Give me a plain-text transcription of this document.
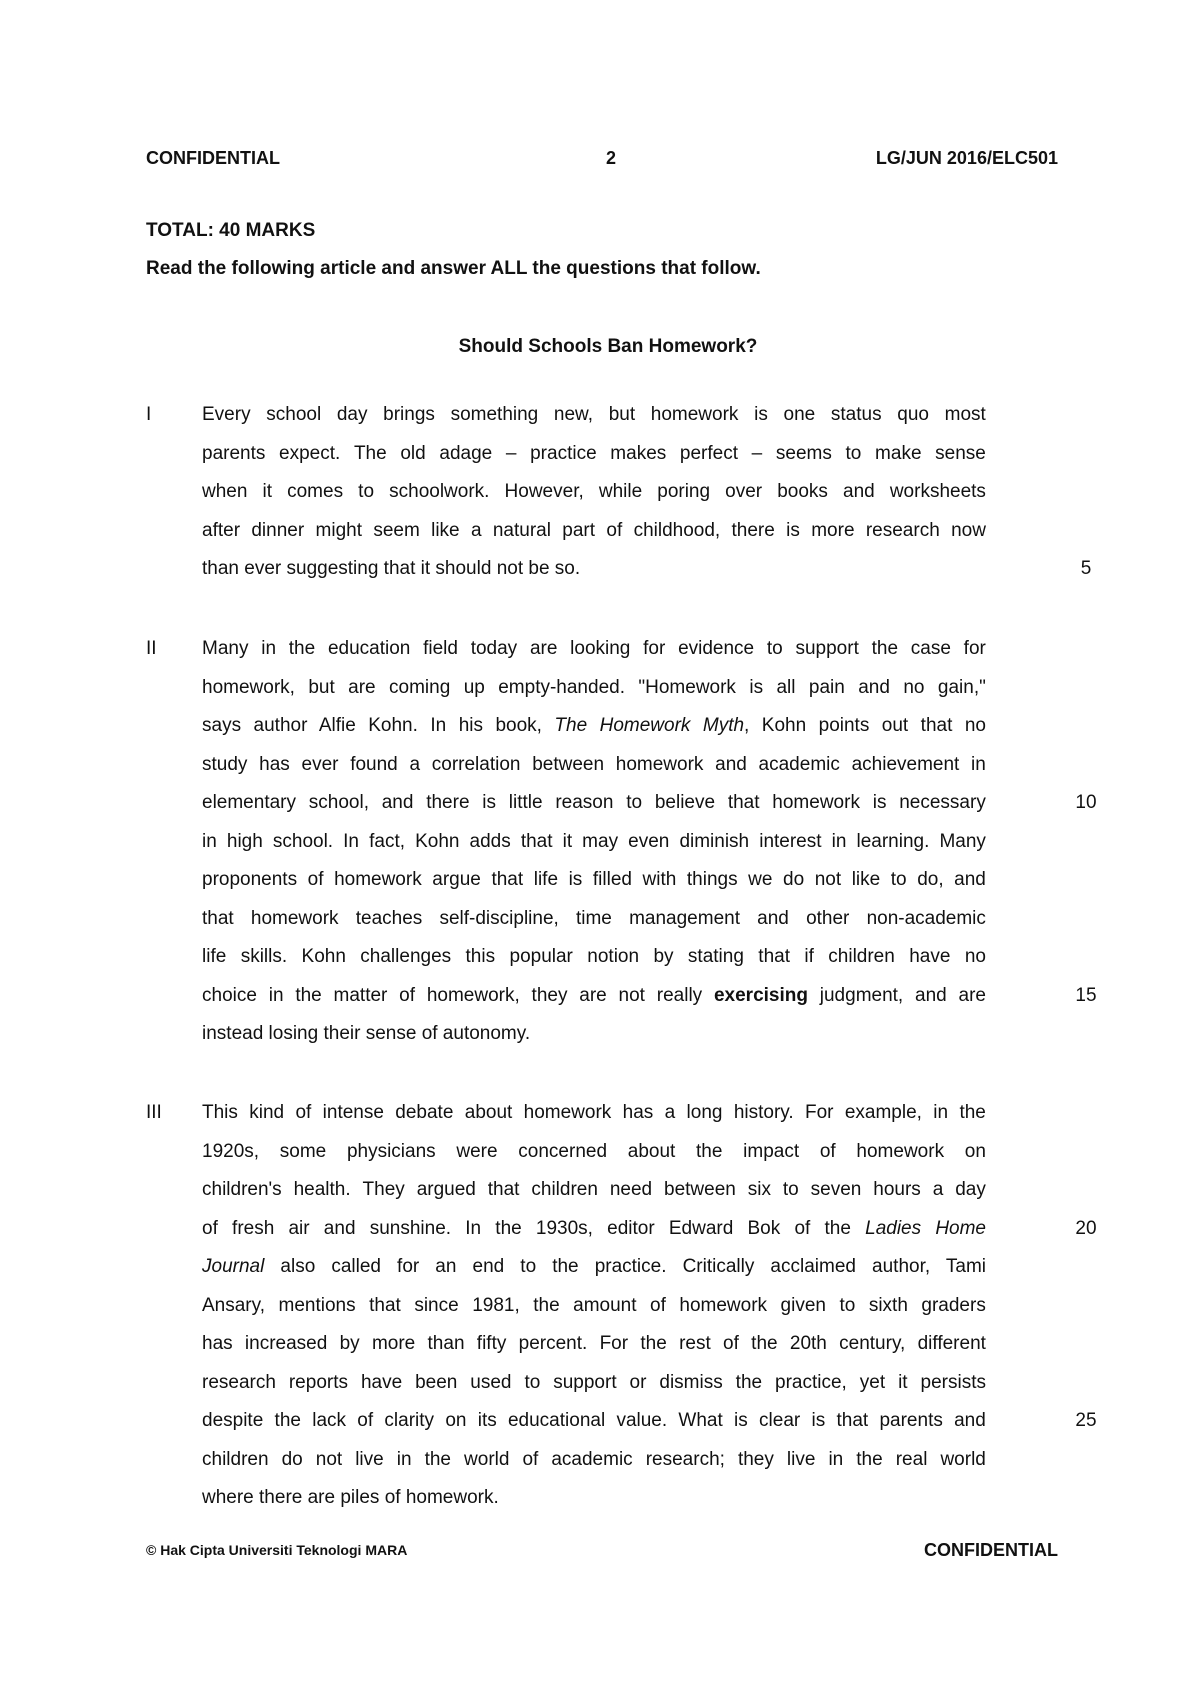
CONFIDENTIAL	2	LG/JUN 2016/ELC501
TOTAL: 40 MARKS
Read the following article and answer ALL the questions that follow.
Should Schools Ban Homework?
I	Every school day brings something new, but homework is one status quo most
parents expect. The old adage – practice makes perfect – seems to make sense
when it comes to schoolwork. However, while poring over books and worksheets
after dinner might seem like a natural part of childhood, there is more research now
than ever suggesting that it should not be so.	5
II Many in the education field today are looking for evidence to support the case for
homework, but are coming up empty-handed. "Homework is all pain and no gain,"
says author Alfie Kohn. In his book, The Homework Myth, Kohn points out that no
study has ever found a correlation between homework and academic achievement in
elementary school, and there is little reason to believe that homework is necessary
in high school. In fact, Kohn adds that it may even diminish interest in learning. Many
proponents of homework argue that life is filled with things we do not like to do, and
that homework teaches self-discipline, time management and other non-academic
life skills. Kohn challenges this popular notion by stating that if children have no
choice in the matter of homework, they are not really exercising judgment, and are
instead losing their sense of autonomy.
10
15
III This kind of intense debate about homework has a long history. For example, in the
1920s, some physicians were concerned about the impact of homework on
children's health. They argued that children need between six to seven hours a day
of fresh air and sunshine. In the 1930s, editor Edward Bok of the Ladies Home
Journal also called for an end to the practice. Critically acclaimed author, Tami
Ansary, mentions that since 1981, the amount of homework given to sixth graders
has increased by more than fifty percent. For the rest of the 20th century, different
research reports have been used to support or dismiss the practice, yet it persists
despite the lack of clarity on its educational value. What is clear is that parents and
children do not live in the world of academic research; they live in the real world
where there are piles of homework.
20
25
© Hak Cipta Universiti Teknologi MARA	CONFIDENTIAL
